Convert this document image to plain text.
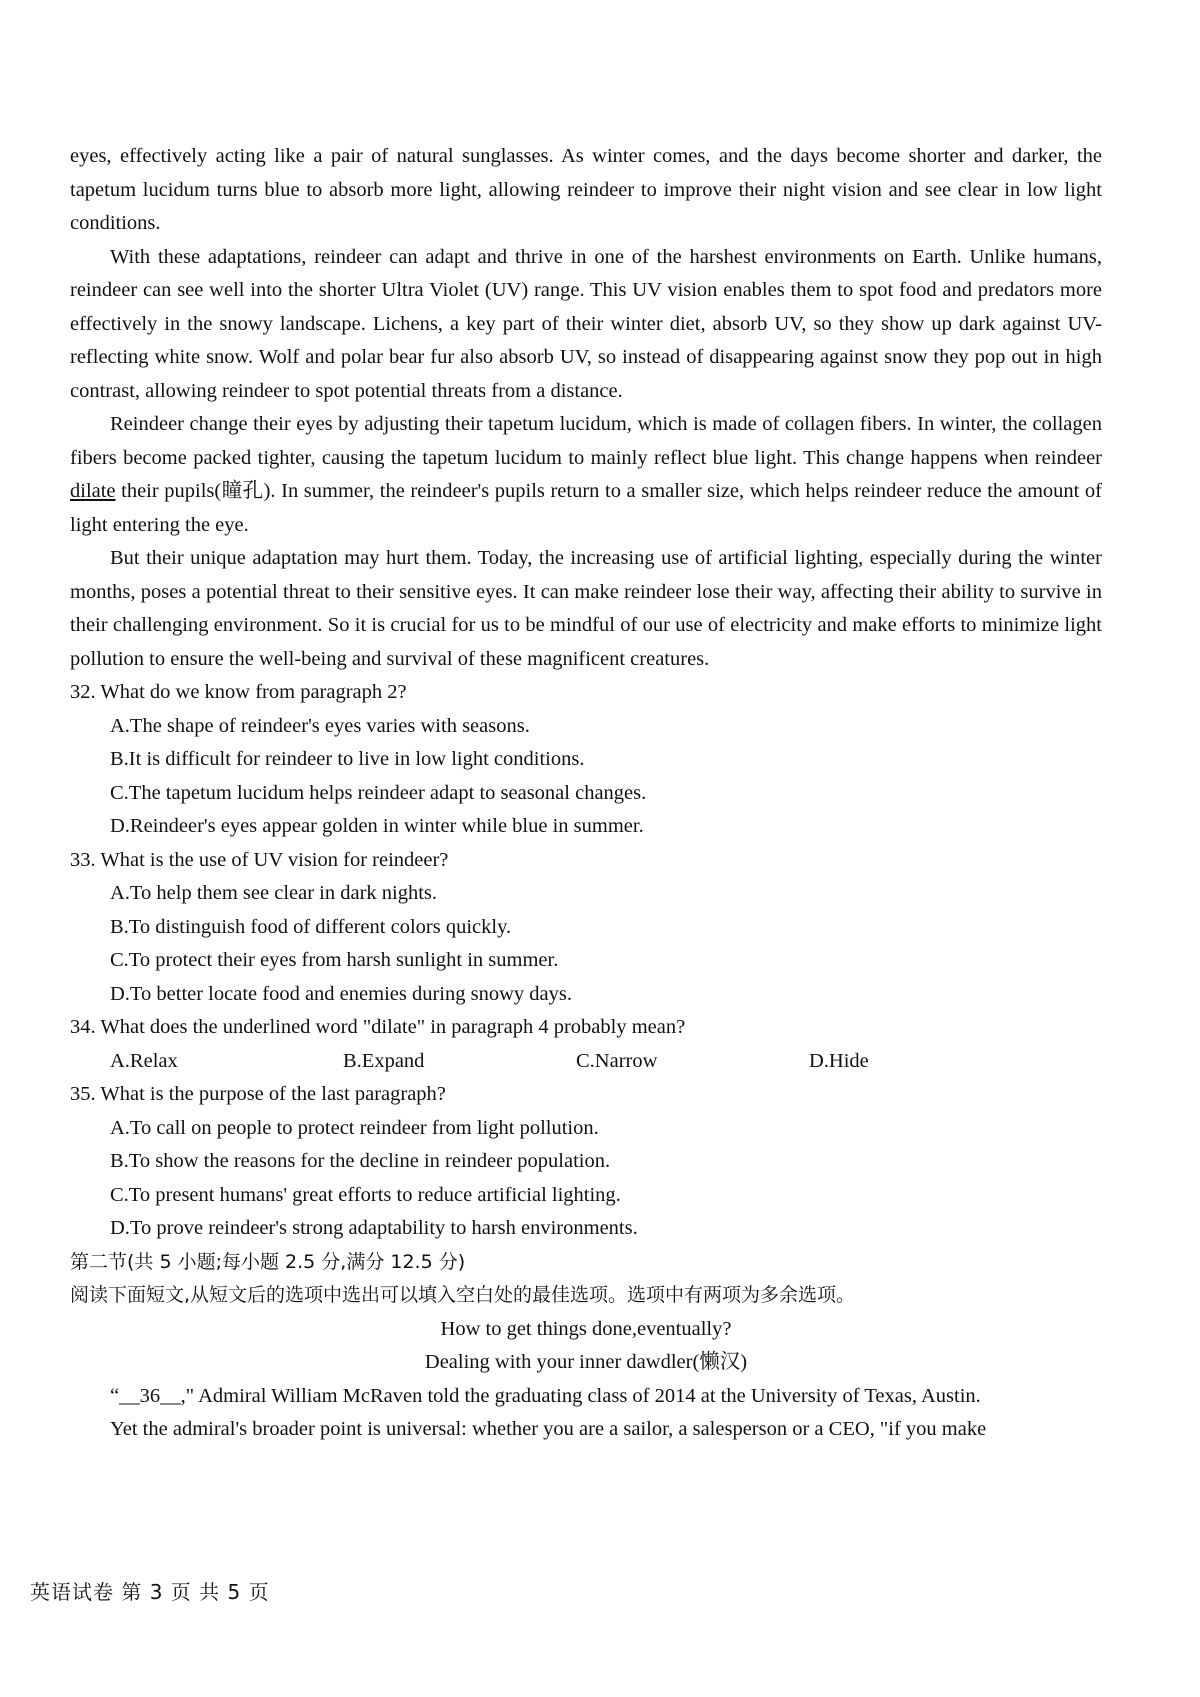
eyes, effectively acting like a pair of natural sunglasses. As winter comes, and the days become shorter and darker, the tapetum lucidum turns blue to absorb more light, allowing reindeer to improve their night vision and see clear in low light conditions.

With these adaptations, reindeer can adapt and thrive in one of the harshest environments on Earth. Unlike humans, reindeer can see well into the shorter Ultra Violet (UV) range. This UV vision enables them to spot food and predators more effectively in the snowy landscape. Lichens, a key part of their winter diet, absorb UV, so they show up dark against UV-reflecting white snow. Wolf and polar bear fur also absorb UV, so instead of disappearing against snow they pop out in high contrast, allowing reindeer to spot potential threats from a distance.

Reindeer change their eyes by adjusting their tapetum lucidum, which is made of collagen fibers. In winter, the collagen fibers become packed tighter, causing the tapetum lucidum to mainly reflect blue light. This change happens when reindeer dilate their pupils(瞳孔). In summer, the reindeer's pupils return to a smaller size, which helps reindeer reduce the amount of light entering the eye.

But their unique adaptation may hurt them. Today, the increasing use of artificial lighting, especially during the winter months, poses a potential threat to their sensitive eyes. It can make reindeer lose their way, affecting their ability to survive in their challenging environment. So it is crucial for us to be mindful of our use of electricity and make efforts to minimize light pollution to ensure the well-being and survival of these magnificent creatures.

32. What do we know from paragraph 2?

A.The shape of reindeer's eyes varies with seasons.
B.It is difficult for reindeer to live in low light conditions.
C.The tapetum lucidum helps reindeer adapt to seasonal changes.
D.Reindeer's eyes appear golden in winter while blue in summer.

33. What is the use of UV vision for reindeer?

A.To help them see clear in dark nights.
B.To distinguish food of different colors quickly.
C.To protect their eyes from harsh sunlight in summer.
D.To better locate food and enemies during snowy days.

34. What does the underlined word "dilate" in paragraph 4 probably mean?

A.Relax	B.Expand	C.Narrow	D.Hide

35. What is the purpose of the last paragraph?

A.To call on people to protect reindeer from light pollution.
B.To show the reasons for the decline in reindeer population.
C.To present humans' great efforts to reduce artificial lighting.
D.To prove reindeer's strong adaptability to harsh environments.

第二节(共 5 小题;每小题 2.5 分,满分 12.5 分)

阅读下面短文,从短文后的选项中选出可以填入空白处的最佳选项。选项中有两项为多余选项。

How to get things done,eventually?

Dealing with your inner dawdler(懒汉)

“__36__," Admiral William McRaven told the graduating class of 2014 at the University of Texas, Austin.

Yet the admiral's broader point is universal: whether you are a sailor, a salesperson or a CEO, "if you make

英语试卷 第 3 页 共 5 页
